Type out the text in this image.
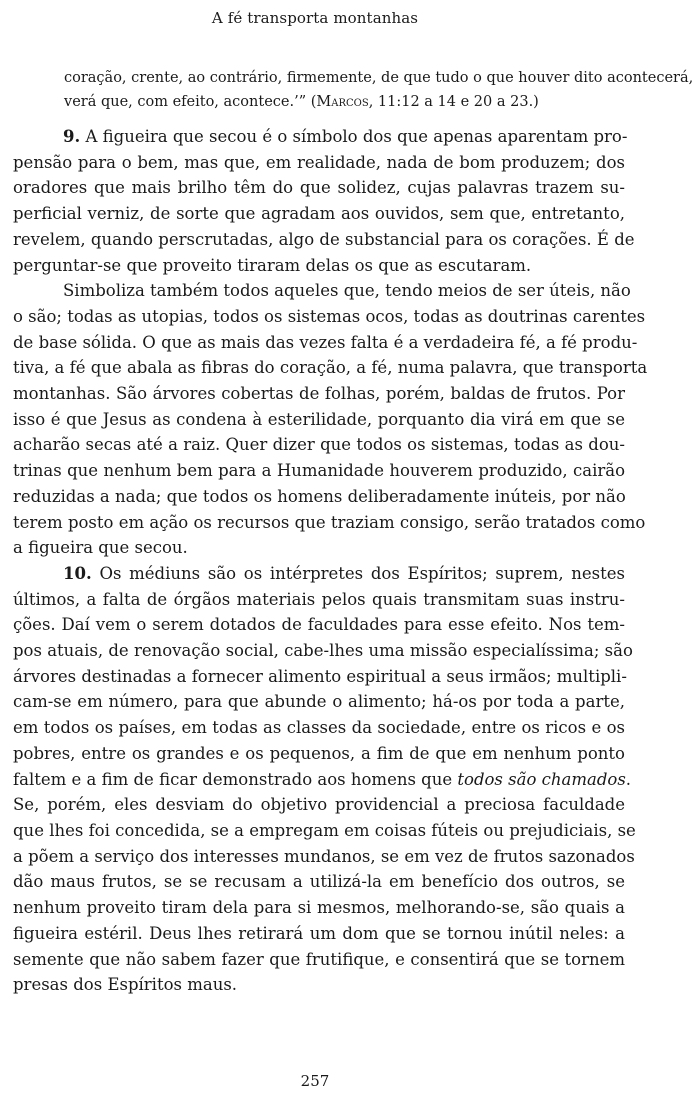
A fé transporta montanhas
coração, crente, ao contrário, firmemente, de que tudo o que houver dito acontecerá,
verá que, com efeito, acontece.’” (Marcos, 11:12 a 14 e 20 a 23.)

9. A figueira que secou é o símbolo dos que apenas aparentam pro-
pensão para o bem, mas que, em realidade, nada de bom produzem; dos
oradores que mais brilho têm do que solidez, cujas palavras trazem su-
perficial verniz, de sorte que agradam aos ouvidos, sem que, entretanto,
revelem, quando perscrutadas, algo de substancial para os corações. É de
perguntar-se que proveito tiraram delas os que as escutaram.

Simboliza também todos aqueles que, tendo meios de ser úteis, não
o são; todas as utopias, todos os sistemas ocos, todas as doutrinas carentes
de base sólida. O que as mais das vezes falta é a verdadeira fé, a fé produ-
tiva, a fé que abala as fibras do coração, a fé, numa palavra, que transporta
montanhas. São árvores cobertas de folhas, porém, baldas de frutos. Por
isso é que Jesus as condena à esterilidade, porquanto dia virá em que se
acharão secas até a raiz. Quer dizer que todos os sistemas, todas as dou-
trinas que nenhum bem para a Humanidade houverem produzido, cairão
reduzidas a nada; que todos os homens deliberadamente inúteis, por não
terem posto em ação os recursos que traziam consigo, serão tratados como
a figueira que secou.

10. Os médiuns são os intérpretes dos Espíritos; suprem, nestes
últimos, a falta de órgãos materiais pelos quais transmitam suas instru-
ções. Daí vem o serem dotados de faculdades para esse efeito. Nos tem-
pos atuais, de renovação social, cabe-lhes uma missão especialíssima; são
árvores destinadas a fornecer alimento espiritual a seus irmãos; multipli-
cam-se em número, para que abunde o alimento; há-os por toda a parte,
em todos os países, em todas as classes da sociedade, entre os ricos e os
pobres, entre os grandes e os pequenos, a fim de que em nenhum ponto
faltem e a fim de ficar demonstrado aos homens que todos são chamados.
Se, porém, eles desviam do objetivo providencial a preciosa faculdade
que lhes foi concedida, se a empregam em coisas fúteis ou prejudiciais, se
a põem a serviço dos interesses mundanos, se em vez de frutos sazonados
dão maus frutos, se se recusam a utilizá-la em benefício dos outros, se
nenhum proveito tiram dela para si mesmos, melhorando-se, são quais a
figueira estéril. Deus lhes retirará um dom que se tornou inútil neles: a
semente que não sabem fazer que frutifique, e consentirá que se tornem
presas dos Espíritos maus.

257
